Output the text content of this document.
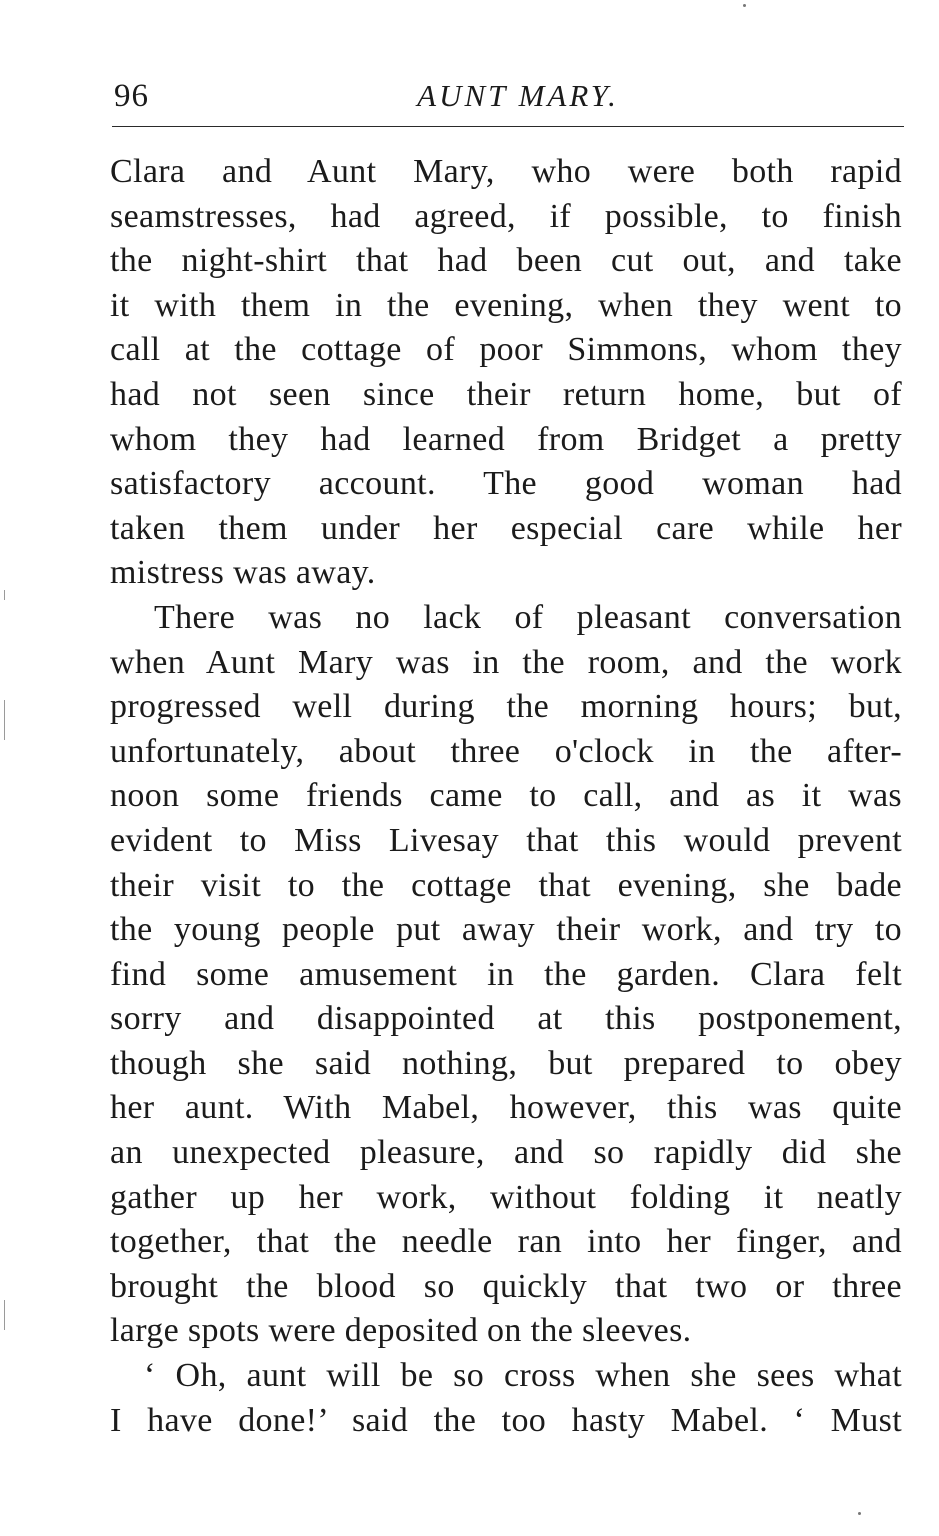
96	AUNT MARY.
Clara and Aunt Mary, who were both rapid
seamstresses, had agreed, if possible, to finish
the night-shirt that had been cut out, and take
it with them in the evening, when they went to
call at the cottage of poor Simmons, whom they
had not seen since their return home, but of
whom they had learned from Bridget a pretty
satisfactory account. The good woman had
taken them under her especial care while her
mistress was away.
There was no lack of pleasant conversation
when Aunt Mary was in the room, and the work
progressed well during the morning hours; but,
unfortunately, about three o'clock in the after-
noon some friends came to call, and as it was
evident to Miss Livesay that this would prevent
their visit to the cottage that evening, she bade
the young people put away their work, and try to
find some amusement in the garden. Clara felt
sorry and disappointed at this postponement,
though she said nothing, but prepared to obey
her aunt. With Mabel, however, this was quite
an unexpected pleasure, and so rapidly did she
gather up her work, without folding it neatly
together, that the needle ran into her finger, and
brought the blood so quickly that two or three
large spots were deposited on the sleeves.
‘ Oh, aunt will be so cross when she sees what
I have done!’ said the too hasty Mabel. ‘ Must
